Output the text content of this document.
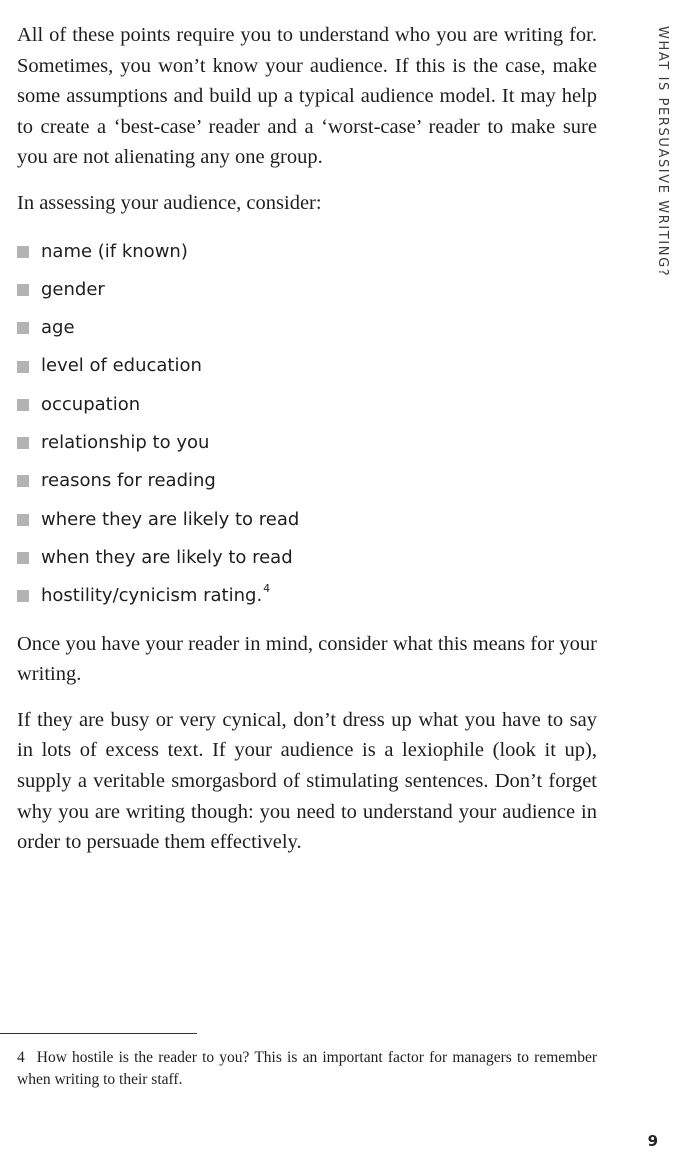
All of these points require you to understand who you are writing for. Sometimes, you won’t know your audience. If this is the case, make some assumptions and build up a typical audience model. It may help to create a ‘best-case’ reader and a ‘worst-case’ reader to make sure you are not alienating any one group.

In assessing your audience, consider:

name (if known)
gender
age
level of education
occupation
relationship to you
reasons for reading
where they are likely to read
when they are likely to read
hostility/cynicism rating.$^4$

Once you have your reader in mind, consider what this means for your writing.

If they are busy or very cynical, don’t dress up what you have to say in lots of excess text. If your audience is a lexiophile (look it up), supply a veritable smorgasbord of stimulating sentences. Don’t forget why you are writing though: you need to understand your audience in order to persuade them effectively.

4 How hostile is the reader to you? This is an important factor for managers to remember when writing to their staff.

WHAT IS PERSUASIVE WRITING?
9
